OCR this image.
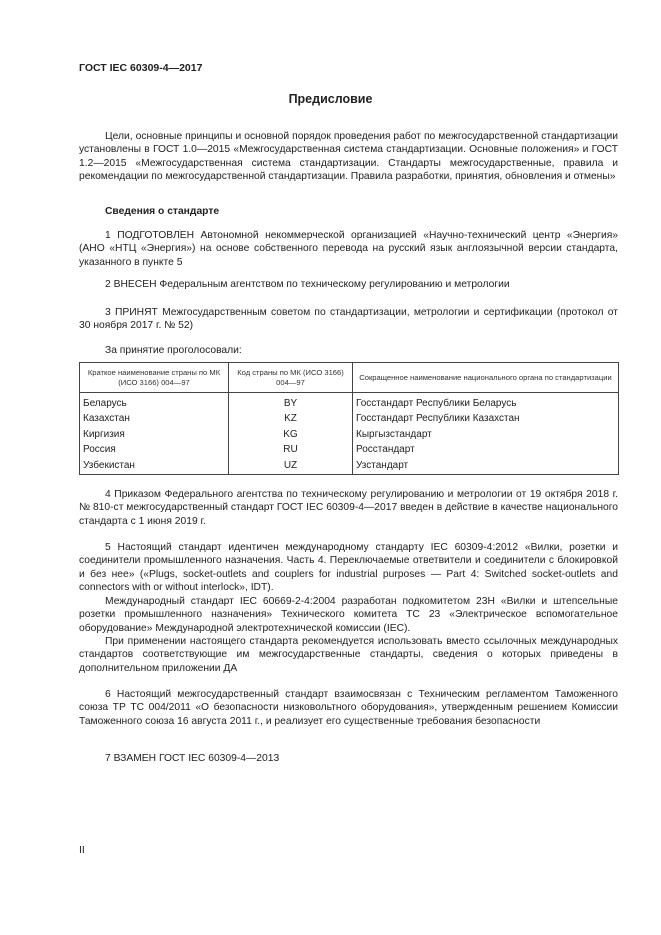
ГОСТ IEC 60309-4—2017
Предисловие
Цели, основные принципы и основной порядок проведения работ по межгосударственной стандартизации установлены в ГОСТ 1.0—2015 «Межгосударственная система стандартизации. Основные положения» и ГОСТ 1.2—2015 «Межгосударственная система стандартизации. Стандарты межгосударственные, правила и рекомендации по межгосударственной стандартизации. Правила разработки, принятия, обновления и отмены»
Сведения о стандарте
1 ПОДГОТОВЛЕН Автономной некоммерческой организацией «Научно-технический центр «Энергия» (АНО «НТЦ «Энергия») на основе собственного перевода на русский язык англоязычной версии стандарта, указанного в пункте 5
2 ВНЕСЕН Федеральным агентством по техническому регулированию и метрологии
3 ПРИНЯТ Межгосударственным советом по стандартизации, метрологии и сертификации (протокол от 30 ноября 2017 г. № 52)
За принятие проголосовали:
Краткое наименование страны по МК (ИСО 3166) 004—97	Код страны по МК (ИСО 3166) 004—97	Сокращенное наименование национального органа по стандартизации
Беларусь	BY	Госстандарт Республики Беларусь
Казахстан	KZ	Госстандарт Республики Казахстан
Киргизия	KG	Кыргызстандарт
Россия	RU	Росстандарт
Узбекистан	UZ	Узстандарт
4 Приказом Федерального агентства по техническому регулированию и метрологии от 19 октября 2018 г. № 810-ст межгосударственный стандарт ГОСТ IEC 60309-4—2017 введен в действие в качестве национального стандарта с 1 июня 2019 г.
5 Настоящий стандарт идентичен международному стандарту IEC 60309-4:2012 «Вилки, розетки и соединители промышленного назначения. Часть 4. Переключаемые ответвители и соединители с блокировкой и без нее» («Plugs, socket-outlets and couplers for industrial purposes — Part 4: Switched socket-outlets and connectors with or without interlock», IDT).
Международный стандарт IEC 60669-2-4:2004 разработан подкомитетом 23H «Вилки и штепсельные розетки промышленного назначения» Технического комитета ТС 23 «Электрическое вспомогательное оборудование» Международной электротехнической комиссии (IEC).
При применении настоящего стандарта рекомендуется использовать вместо ссылочных международных стандартов соответствующие им межгосударственные стандарты, сведения о которых приведены в дополнительном приложении ДА
6 Настоящий межгосударственный стандарт взаимосвязан с Техническим регламентом Таможенного союза ТР ТС 004/2011 «О безопасности низковольтного оборудования», утвержденным решением Комиссии Таможенного союза 16 августа 2011 г., и реализует его существенные требования безопасности
7 ВЗАМЕН ГОСТ IEC 60309-4—2013
II
